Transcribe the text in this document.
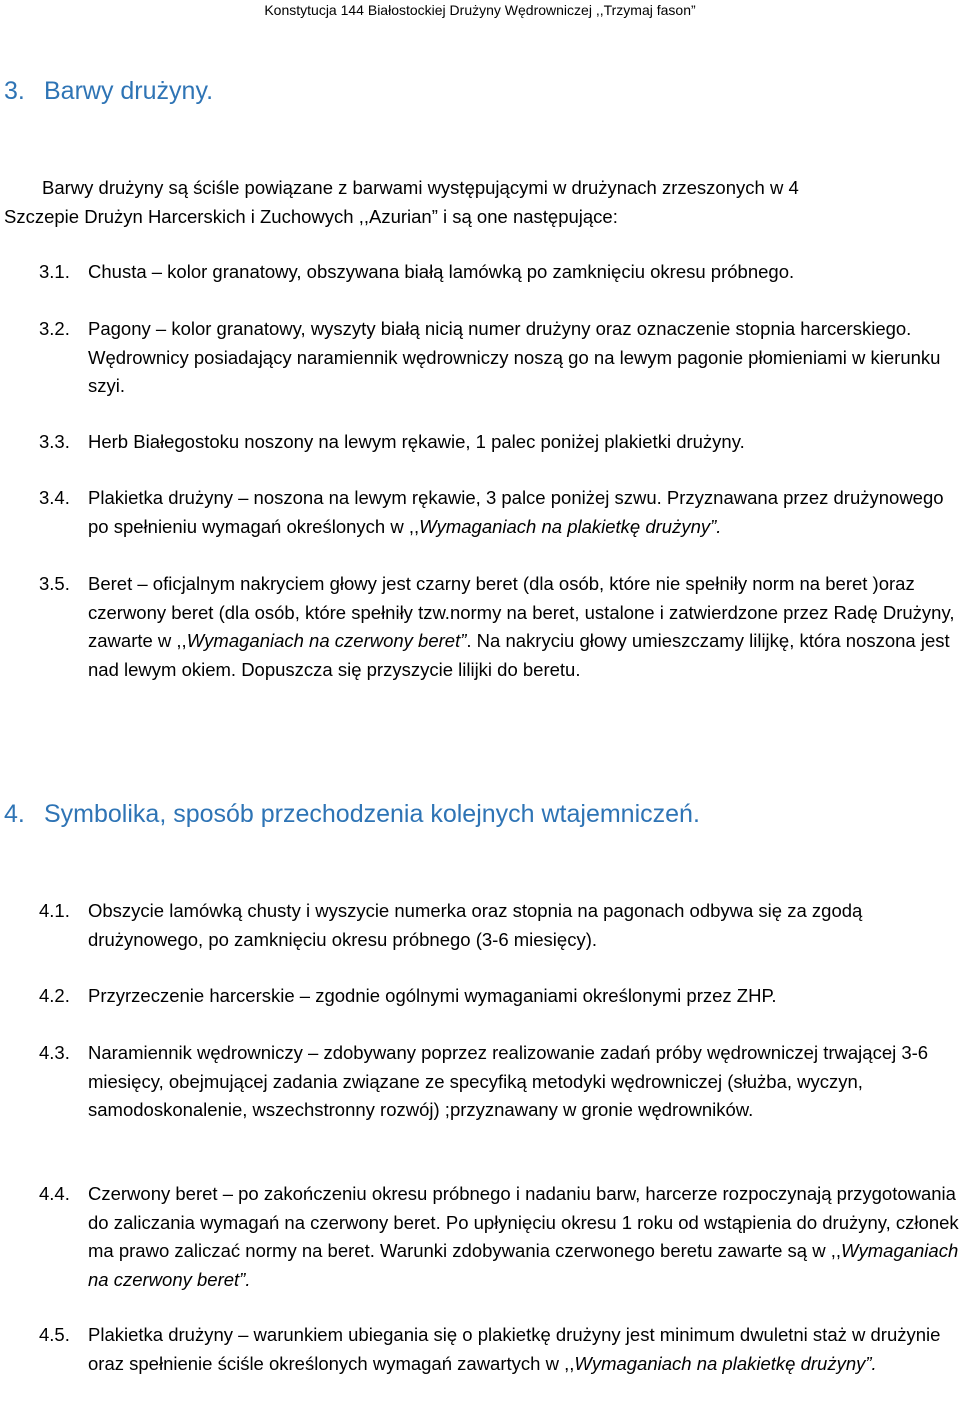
Konstytucja 144 Białostockiej Drużyny Wędrowniczej ,,Trzymaj fason”
3. Barwy drużyny.
Barwy drużyny są ściśle powiązane z barwami występującymi w drużynach zrzeszonych w 4
Szczepie Drużyn Harcerskich i Zuchowych ,,Azurian” i są one następujące:
3.1. Chusta – kolor granatowy, obszywana białą lamówką po zamknięciu okresu próbnego.

3.2. Pagony – kolor granatowy, wyszyty białą nicią numer drużyny oraz oznaczenie stopnia harcerskiego. Wędrownicy posiadający naramiennik wędrowniczy noszą go na lewym pagonie płomieniami w kierunku szyi.

3.3. Herb Białegostoku noszony na lewym rękawie, 1 palec poniżej plakietki drużyny.

3.4. Plakietka drużyny – noszona na lewym rękawie, 3 palce poniżej szwu. Przyznawana przez drużynowego po spełnieniu wymagań określonych w ,,Wymaganiach na plakietkę drużyny”.

3.5. Beret – oficjalnym nakryciem głowy jest czarny beret (dla osób, które nie spełniły norm na beret )oraz czerwony beret (dla osób, które spełniły tzw.normy na beret, ustalone i zatwierdzone przez Radę Drużyny, zawarte w ,,Wymaganiach na czerwony beret”. Na nakryciu głowy umieszczamy lilijkę, która noszona jest nad lewym okiem. Dopuszcza się przyszycie lilijki do beretu.

4. Symbolika, sposób przechodzenia kolejnych wtajemniczeń.
4.1. Obszycie lamówką chusty i wyszycie numerka oraz stopnia na pagonach odbywa się za zgodą drużynowego, po zamknięciu okresu próbnego (3-6 miesięcy).

4.2. Przyrzeczenie harcerskie – zgodnie ogólnymi wymaganiami określonymi przez ZHP.

4.3. Naramiennik wędrowniczy – zdobywany poprzez realizowanie zadań próby wędrowniczej trwającej 3-6 miesięcy, obejmującej zadania związane ze specyfiką metodyki wędrowniczej (służba, wyczyn, samodoskonalenie, wszechstronny rozwój) ;przyznawany w gronie wędrowników.

4.4. Czerwony beret – po zakończeniu okresu próbnego i nadaniu barw, harcerze rozpoczynają przygotowania do zaliczania wymagań na czerwony beret. Po upłynięciu okresu 1 roku od wstąpienia do drużyny, członek ma prawo zaliczać normy na beret. Warunki zdobywania czerwonego beretu zawarte są w ,,Wymaganiach na czerwony beret”.

4.5. Plakietka drużyny – warunkiem ubiegania się o plakietkę drużyny jest minimum dwuletni staż w drużynie oraz spełnienie ściśle określonych wymagań zawartych w ,,Wymaganiach na plakietkę drużyny”.
